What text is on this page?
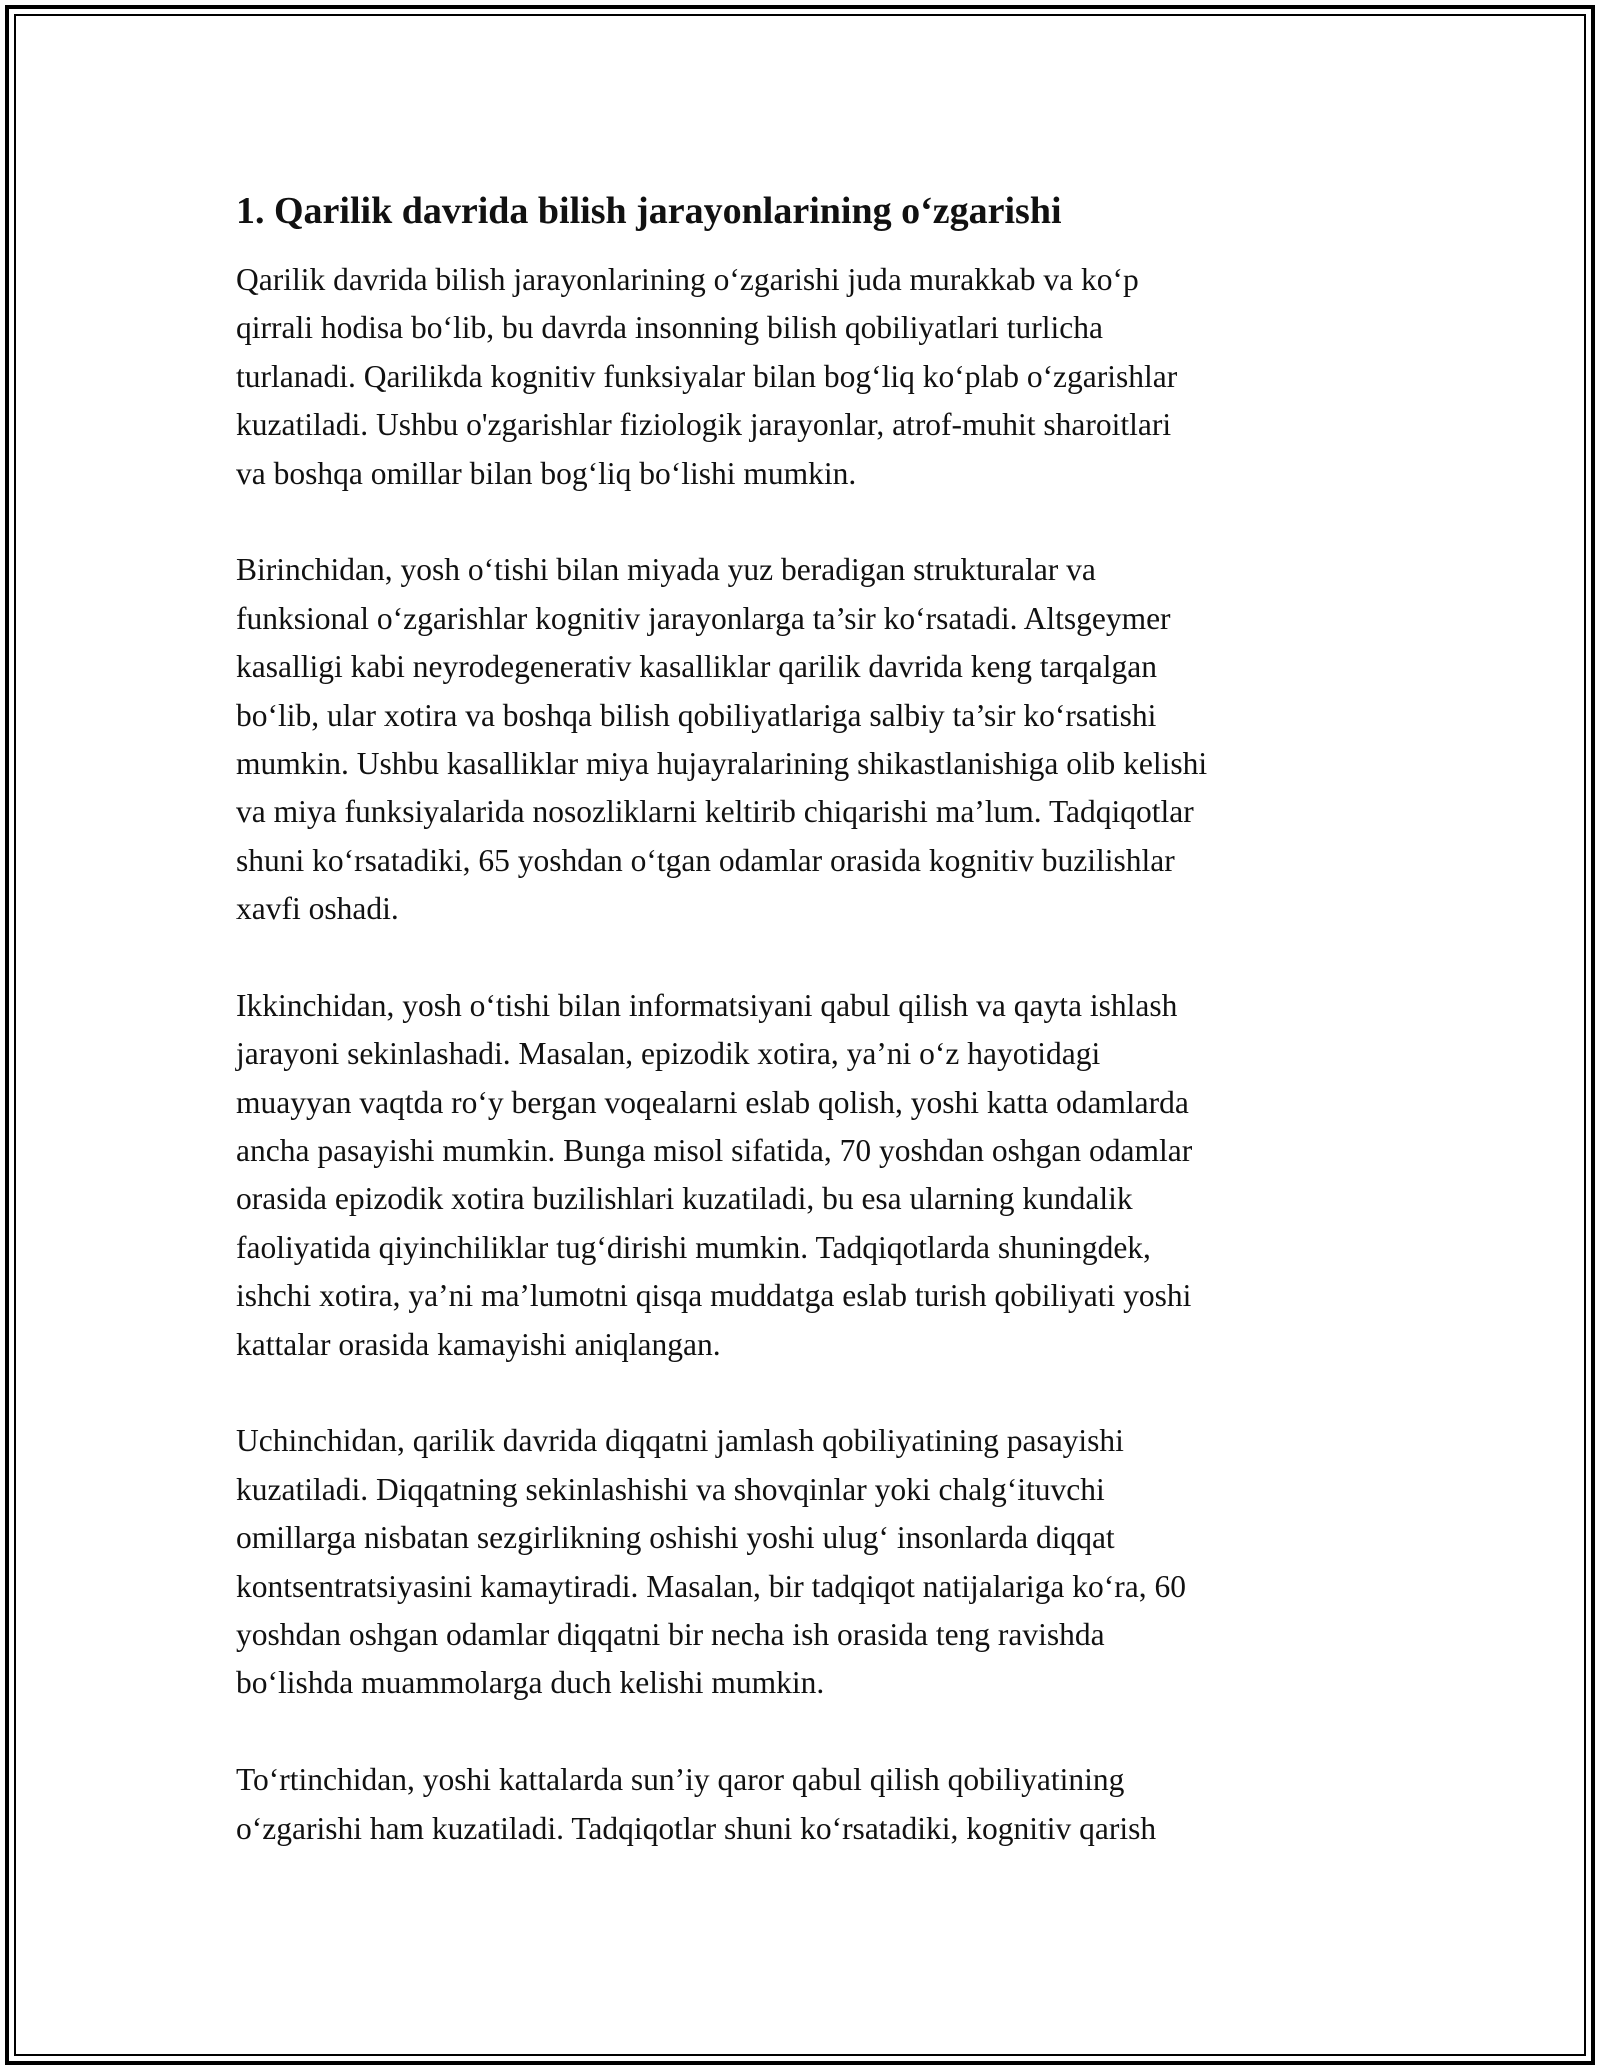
1. Qarilik davrida bilish jarayonlarining o‘zgarishi
Qarilik davrida bilish jarayonlarining o‘zgarishi juda murakkab va ko‘p
qirrali hodisa bo‘lib, bu davrda insonning bilish qobiliyatlari turlicha
turlanadi. Qarilikda kognitiv funksiyalar bilan bog‘liq ko‘plab o‘zgarishlar
kuzatiladi. Ushbu o'zgarishlar fiziologik jarayonlar, atrof-muhit sharoitlari
va boshqa omillar bilan bog‘liq bo‘lishi mumkin.
Birinchidan, yosh o‘tishi bilan miyada yuz beradigan strukturalar va
funksional o‘zgarishlar kognitiv jarayonlarga ta’sir ko‘rsatadi. Altsgeymer
kasalligi kabi neyrodegenerativ kasalliklar qarilik davrida keng tarqalgan
bo‘lib, ular xotira va boshqa bilish qobiliyatlariga salbiy ta’sir ko‘rsatishi
mumkin. Ushbu kasalliklar miya hujayralarining shikastlanishiga olib kelishi
va miya funksiyalarida nosozliklarni keltirib chiqarishi ma’lum. Tadqiqotlar
shuni ko‘rsatadiki, 65 yoshdan o‘tgan odamlar orasida kognitiv buzilishlar
xavfi oshadi.
Ikkinchidan, yosh o‘tishi bilan informatsiyani qabul qilish va qayta ishlash
jarayoni sekinlashadi. Masalan, epizodik xotira, ya’ni o‘z hayotidagi
muayyan vaqtda ro‘y bergan voqealarni eslab qolish, yoshi katta odamlarda
ancha pasayishi mumkin. Bunga misol sifatida, 70 yoshdan oshgan odamlar
orasida epizodik xotira buzilishlari kuzatiladi, bu esa ularning kundalik
faoliyatida qiyinchiliklar tug‘dirishi mumkin. Tadqiqotlarda shuningdek,
ishchi xotira, ya’ni ma’lumotni qisqa muddatga eslab turish qobiliyati yoshi
kattalar orasida kamayishi aniqlangan.
Uchinchidan, qarilik davrida diqqatni jamlash qobiliyatining pasayishi
kuzatiladi. Diqqatning sekinlashishi va shovqinlar yoki chalg‘ituvchi
omillarga nisbatan sezgirlikning oshishi yoshi ulug‘ insonlarda diqqat
kontsentratsiyasini kamaytiradi. Masalan, bir tadqiqot natijalariga ko‘ra, 60
yoshdan oshgan odamlar diqqatni bir necha ish orasida teng ravishda
bo‘lishda muammolarga duch kelishi mumkin.
To‘rtinchidan, yoshi kattalarda sun’iy qaror qabul qilish qobiliyatining
o‘zgarishi ham kuzatiladi. Tadqiqotlar shuni ko‘rsatadiki, kognitiv qarish
